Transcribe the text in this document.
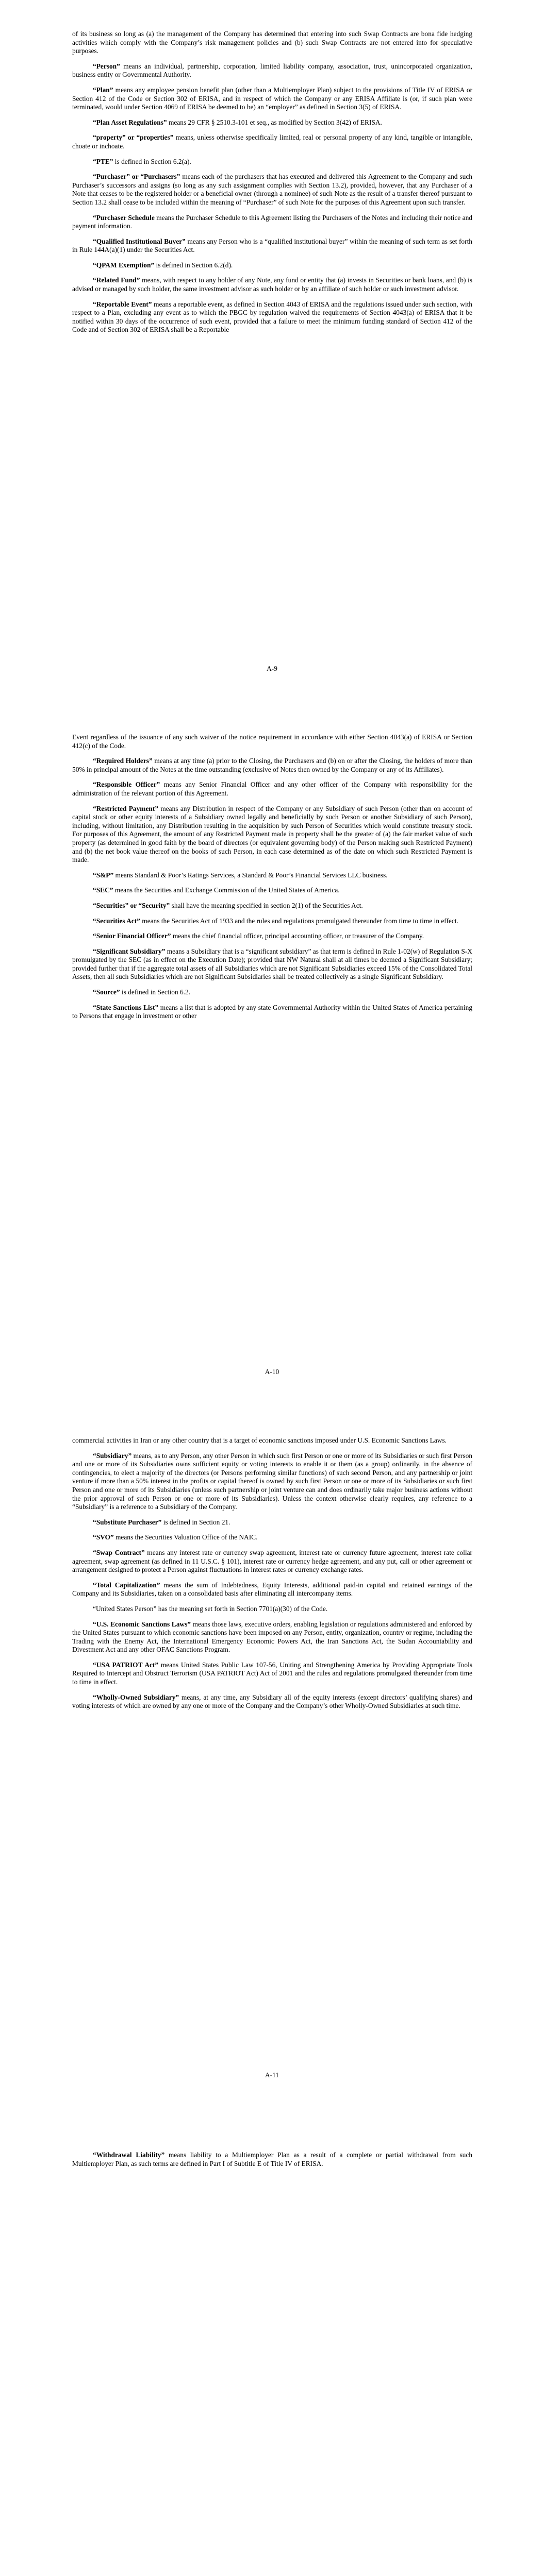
of its business so long as (a) the management of the Company has determined that entering into such Swap Contracts are bona fide hedging activities which comply with the Company’s risk management policies and (b) such Swap Contracts are not entered into for speculative purposes.

“Person” means an individual, partnership, corporation, limited liability company, association, trust, unincorporated organization, business entity or Governmental Authority.

“Plan” means any employee pension benefit plan (other than a Multiemployer Plan) subject to the provisions of Title IV of ERISA or Section 412 of the Code or Section 302 of ERISA, and in respect of which the Company or any ERISA Affiliate is (or, if such plan were terminated, would under Section 4069 of ERISA be deemed to be) an “employer” as defined in Section 3(5) of ERISA.

“Plan Asset Regulations” means 29 CFR § 2510.3-101 et seq., as modified by Section 3(42) of ERISA.

“property” or “properties” means, unless otherwise specifically limited, real or personal property of any kind, tangible or intangible, choate or inchoate.

“PTE” is defined in Section 6.2(a).

“Purchaser” or “Purchasers” means each of the purchasers that has executed and delivered this Agreement to the Company and such Purchaser’s successors and assigns (so long as any such assignment complies with Section 13.2), provided, however, that any Purchaser of a Note that ceases to be the registered holder or a beneficial owner (through a nominee) of such Note as the result of a transfer thereof pursuant to Section 13.2 shall cease to be included within the meaning of “Purchaser” of such Note for the purposes of this Agreement upon such transfer.

“Purchaser Schedule means the Purchaser Schedule to this Agreement listing the Purchasers of the Notes and including their notice and payment information.

“Qualified Institutional Buyer” means any Person who is a “qualified institutional buyer” within the meaning of such term as set forth in Rule 144A(a)(1) under the Securities Act.

“QPAM Exemption” is defined in Section 6.2(d).

“Related Fund” means, with respect to any holder of any Note, any fund or entity that (a) invests in Securities or bank loans, and (b) is advised or managed by such holder, the same investment advisor as such holder or by an affiliate of such holder or such investment advisor.

“Reportable Event” means a reportable event, as defined in Section 4043 of ERISA and the regulations issued under such section, with respect to a Plan, excluding any event as to which the PBGC by regulation waived the requirements of Section 4043(a) of ERISA that it be notified within 30 days of the occurrence of such event, provided that a failure to meet the minimum funding standard of Section 412 of the Code and of Section 302 of ERISA shall be a Reportable

A-9

Event regardless of the issuance of any such waiver of the notice requirement in accordance with either Section 4043(a) of ERISA or Section 412(c) of the Code.

“Required Holders” means at any time (a) prior to the Closing, the Purchasers and (b) on or after the Closing, the holders of more than 50% in principal amount of the Notes at the time outstanding (exclusive of Notes then owned by the Company or any of its Affiliates).

“Responsible Officer” means any Senior Financial Officer and any other officer of the Company with responsibility for the administration of the relevant portion of this Agreement.

“Restricted Payment” means any Distribution in respect of the Company or any Subsidiary of such Person (other than on account of capital stock or other equity interests of a Subsidiary owned legally and beneficially by such Person or another Subsidiary of such Person), including, without limitation, any Distribution resulting in the acquisition by such Person of Securities which would constitute treasury stock. For purposes of this Agreement, the amount of any Restricted Payment made in property shall be the greater of (a) the fair market value of such property (as determined in good faith by the board of directors (or equivalent governing body) of the Person making such Restricted Payment) and (b) the net book value thereof on the books of such Person, in each case determined as of the date on which such Restricted Payment is made.

“S&P” means Standard & Poor’s Ratings Services, a Standard & Poor’s Financial Services LLC business.

“SEC” means the Securities and Exchange Commission of the United States of America.

“Securities” or “Security” shall have the meaning specified in section 2(1) of the Securities Act.

“Securities Act” means the Securities Act of 1933 and the rules and regulations promulgated thereunder from time to time in effect.

“Senior Financial Officer” means the chief financial officer, principal accounting officer, or treasurer of the Company.

“Significant Subsidiary” means a Subsidiary that is a “significant subsidiary” as that term is defined in Rule 1-02(w) of Regulation S-X promulgated by the SEC (as in effect on the Execution Date); provided that NW Natural shall at all times be deemed a Significant Subsidiary; provided further that if the aggregate total assets of all Subsidiaries which are not Significant Subsidiaries exceed 15% of the Consolidated Total Assets, then all such Subsidiaries which are not Significant Subsidiaries shall be treated collectively as a single Significant Subsidiary.

“Source” is defined in Section 6.2.

“State Sanctions List” means a list that is adopted by any state Governmental Authority within the United States of America pertaining to Persons that engage in investment or other

A-10

commercial activities in Iran or any other country that is a target of economic sanctions imposed under U.S. Economic Sanctions Laws.

“Subsidiary” means, as to any Person, any other Person in which such first Person or one or more of its Subsidiaries or such first Person and one or more of its Subsidiaries owns sufficient equity or voting interests to enable it or them (as a group) ordinarily, in the absence of contingencies, to elect a majority of the directors (or Persons performing similar functions) of such second Person, and any partnership or joint venture if more than a 50% interest in the profits or capital thereof is owned by such first Person or one or more of its Subsidiaries or such first Person and one or more of its Subsidiaries (unless such partnership or joint venture can and does ordinarily take major business actions without the prior approval of such Person or one or more of its Subsidiaries). Unless the context otherwise clearly requires, any reference to a “Subsidiary” is a reference to a Subsidiary of the Company.

“Substitute Purchaser” is defined in Section 21.

“SVO” means the Securities Valuation Office of the NAIC.

“Swap Contract” means any interest rate or currency swap agreement, interest rate or currency future agreement, interest rate collar agreement, swap agreement (as defined in 11 U.S.C. § 101), interest rate or currency hedge agreement, and any put, call or other agreement or arrangement designed to protect a Person against fluctuations in interest rates or currency exchange rates.

“Total Capitalization” means the sum of Indebtedness, Equity Interests, additional paid-in capital and retained earnings of the Company and its Subsidiaries, taken on a consolidated basis after eliminating all intercompany items.

“United States Person” has the meaning set forth in Section 7701(a)(30) of the Code.

“U.S. Economic Sanctions Laws” means those laws, executive orders, enabling legislation or regulations administered and enforced by the United States pursuant to which economic sanctions have been imposed on any Person, entity, organization, country or regime, including the Trading with the Enemy Act, the International Emergency Economic Powers Act, the Iran Sanctions Act, the Sudan Accountability and Divestment Act and any other OFAC Sanctions Program.

“USA PATRIOT Act” means United States Public Law 107-56, Uniting and Strengthening America by Providing Appropriate Tools Required to Intercept and Obstruct Terrorism (USA PATRIOT Act) Act of 2001 and the rules and regulations promulgated thereunder from time to time in effect.

“Wholly-Owned Subsidiary” means, at any time, any Subsidiary all of the equity interests (except directors’ qualifying shares) and voting interests of which are owned by any one or more of the Company and the Company’s other Wholly-Owned Subsidiaries at such time.

A-11

“Withdrawal Liability” means liability to a Multiemployer Plan as a result of a complete or partial withdrawal from such Multiemployer Plan, as such terms are defined in Part I of Subtitle E of Title IV of ERISA.
